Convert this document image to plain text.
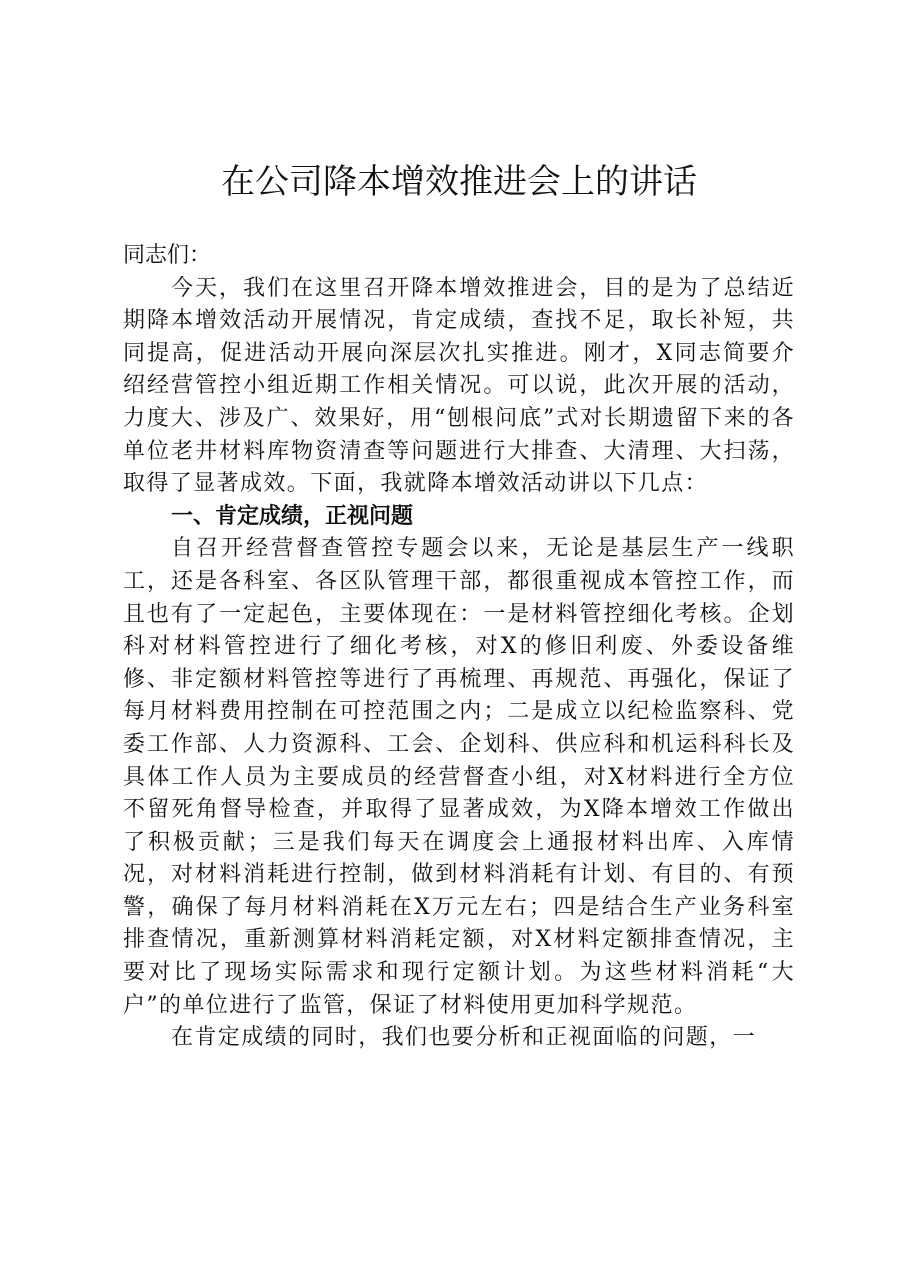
在公司降本增效推进会上的讲话

同志们：

今天，我们在这里召开降本增效推进会，目的是为了总结近期降本增效活动开展情况，肯定成绩，查找不足，取长补短，共同提高，促进活动开展向深层次扎实推进。刚才，X同志简要介绍经营管控小组近期工作相关情况。可以说，此次开展的活动，力度大、涉及广、效果好，用“刨根问底”式对长期遗留下来的各单位老井材料库物资清查等问题进行大排查、大清理、大扫荡，取得了显著成效。下面，我就降本增效活动讲以下几点：

一、肯定成绩，正视问题

自召开经营督查管控专题会以来，无论是基层生产一线职工，还是各科室、各区队管理干部，都很重视成本管控工作，而且也有了一定起色，主要体现在：一是材料管控细化考核。企划科对材料管控进行了细化考核，对X的修旧利废、外委设备维修、非定额材料管控等进行了再梳理、再规范、再强化，保证了每月材料费用控制在可控范围之内；二是成立以纪检监察科、党委工作部、人力资源科、工会、企划科、供应科和机运科科长及具体工作人员为主要成员的经营督查小组，对X材料进行全方位不留死角督导检查，并取得了显著成效，为X降本增效工作做出了积极贡献；三是我们每天在调度会上通报材料出库、入库情况，对材料消耗进行控制，做到材料消耗有计划、有目的、有预警，确保了每月材料消耗在X万元左右；四是结合生产业务科室排查情况，重新测算材料消耗定额，对X材料定额排查情况，主要对比了现场实际需求和现行定额计划。为这些材料消耗“大户”的单位进行了监管，保证了材料使用更加科学规范。

在肯定成绩的同时，我们也要分析和正视面临的问题，一
